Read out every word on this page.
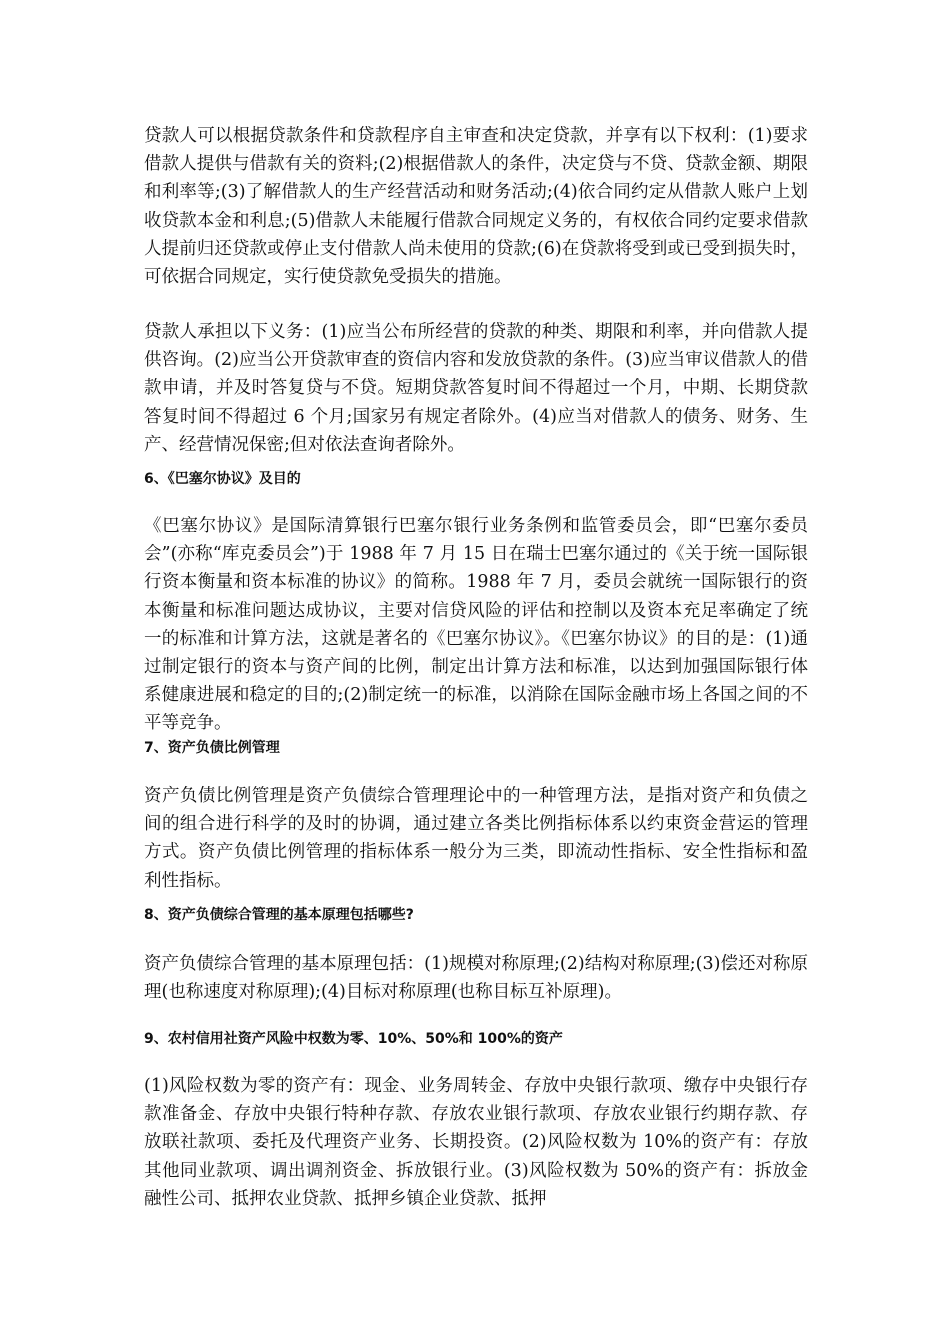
贷款人可以根据贷款条件和贷款程序自主审查和决定贷款，并享有以下权利：(1)要求借款人提供与借款有关的资料;(2)根据借款人的条件，决定贷与不贷、贷款金额、期限和利率等;(3)了解借款人的生产经营活动和财务活动;(4)依合同约定从借款人账户上划收贷款本金和利息;(5)借款人未能履行借款合同规定义务的，有权依合同约定要求借款人提前归还贷款或停止支付借款人尚未使用的贷款;(6)在贷款将受到或已受到损失时，可依据合同规定，实行使贷款免受损失的措施。

贷款人承担以下义务：(1)应当公布所经营的贷款的种类、期限和利率，并向借款人提供咨询。(2)应当公开贷款审查的资信内容和发放贷款的条件。(3)应当审议借款人的借款申请，并及时答复贷与不贷。短期贷款答复时间不得超过一个月，中期、长期贷款答复时间不得超过 6 个月;国家另有规定者除外。(4)应当对借款人的债务、财务、生产、经营情况保密;但对依法查询者除外。

6、《巴塞尔协议》及目的

《巴塞尔协议》是国际清算银行巴塞尔银行业务条例和监管委员会，即“巴塞尔委员会”(亦称“库克委员会”)于 1988 年 7 月 15 日在瑞士巴塞尔通过的《关于统一国际银行资本衡量和资本标准的协议》的简称。1988 年 7 月，委员会就统一国际银行的资本衡量和标准问题达成协议，主要对信贷风险的评估和控制以及资本充足率确定了统一的标准和计算方法，这就是著名的《巴塞尔协议》。《巴塞尔协议》的目的是：(1)通过制定银行的资本与资产间的比例，制定出计算方法和标准，以达到加强国际银行体系健康进展和稳定的目的;(2)制定统一的标准，以消除在国际金融市场上各国之间的不平等竞争。

7、资产负债比例管理

资产负债比例管理是资产负债综合管理理论中的一种管理方法，是指对资产和负债之间的组合进行科学的及时的协调，通过建立各类比例指标体系以约束资金营运的管理方式。资产负债比例管理的指标体系一般分为三类，即流动性指标、安全性指标和盈利性指标。

8、资产负债综合管理的基本原理包括哪些?

资产负债综合管理的基本原理包括：(1)规模对称原理;(2)结构对称原理;(3)偿还对称原理(也称速度对称原理);(4)目标对称原理(也称目标互补原理)。

9、农村信用社资产风险中权数为零、10%、50%和 100%的资产

(1)风险权数为零的资产有：现金、业务周转金、存放中央银行款项、缴存中央银行存款准备金、存放中央银行特种存款、存放农业银行款项、存放农业银行约期存款、存放联社款项、委托及代理资产业务、长期投资。(2)风险权数为 10%的资产有：存放其他同业款项、调出调剂资金、拆放银行业。(3)风险权数为 50%的资产有：拆放金融性公司、抵押农业贷款、抵押乡镇企业贷款、抵押
